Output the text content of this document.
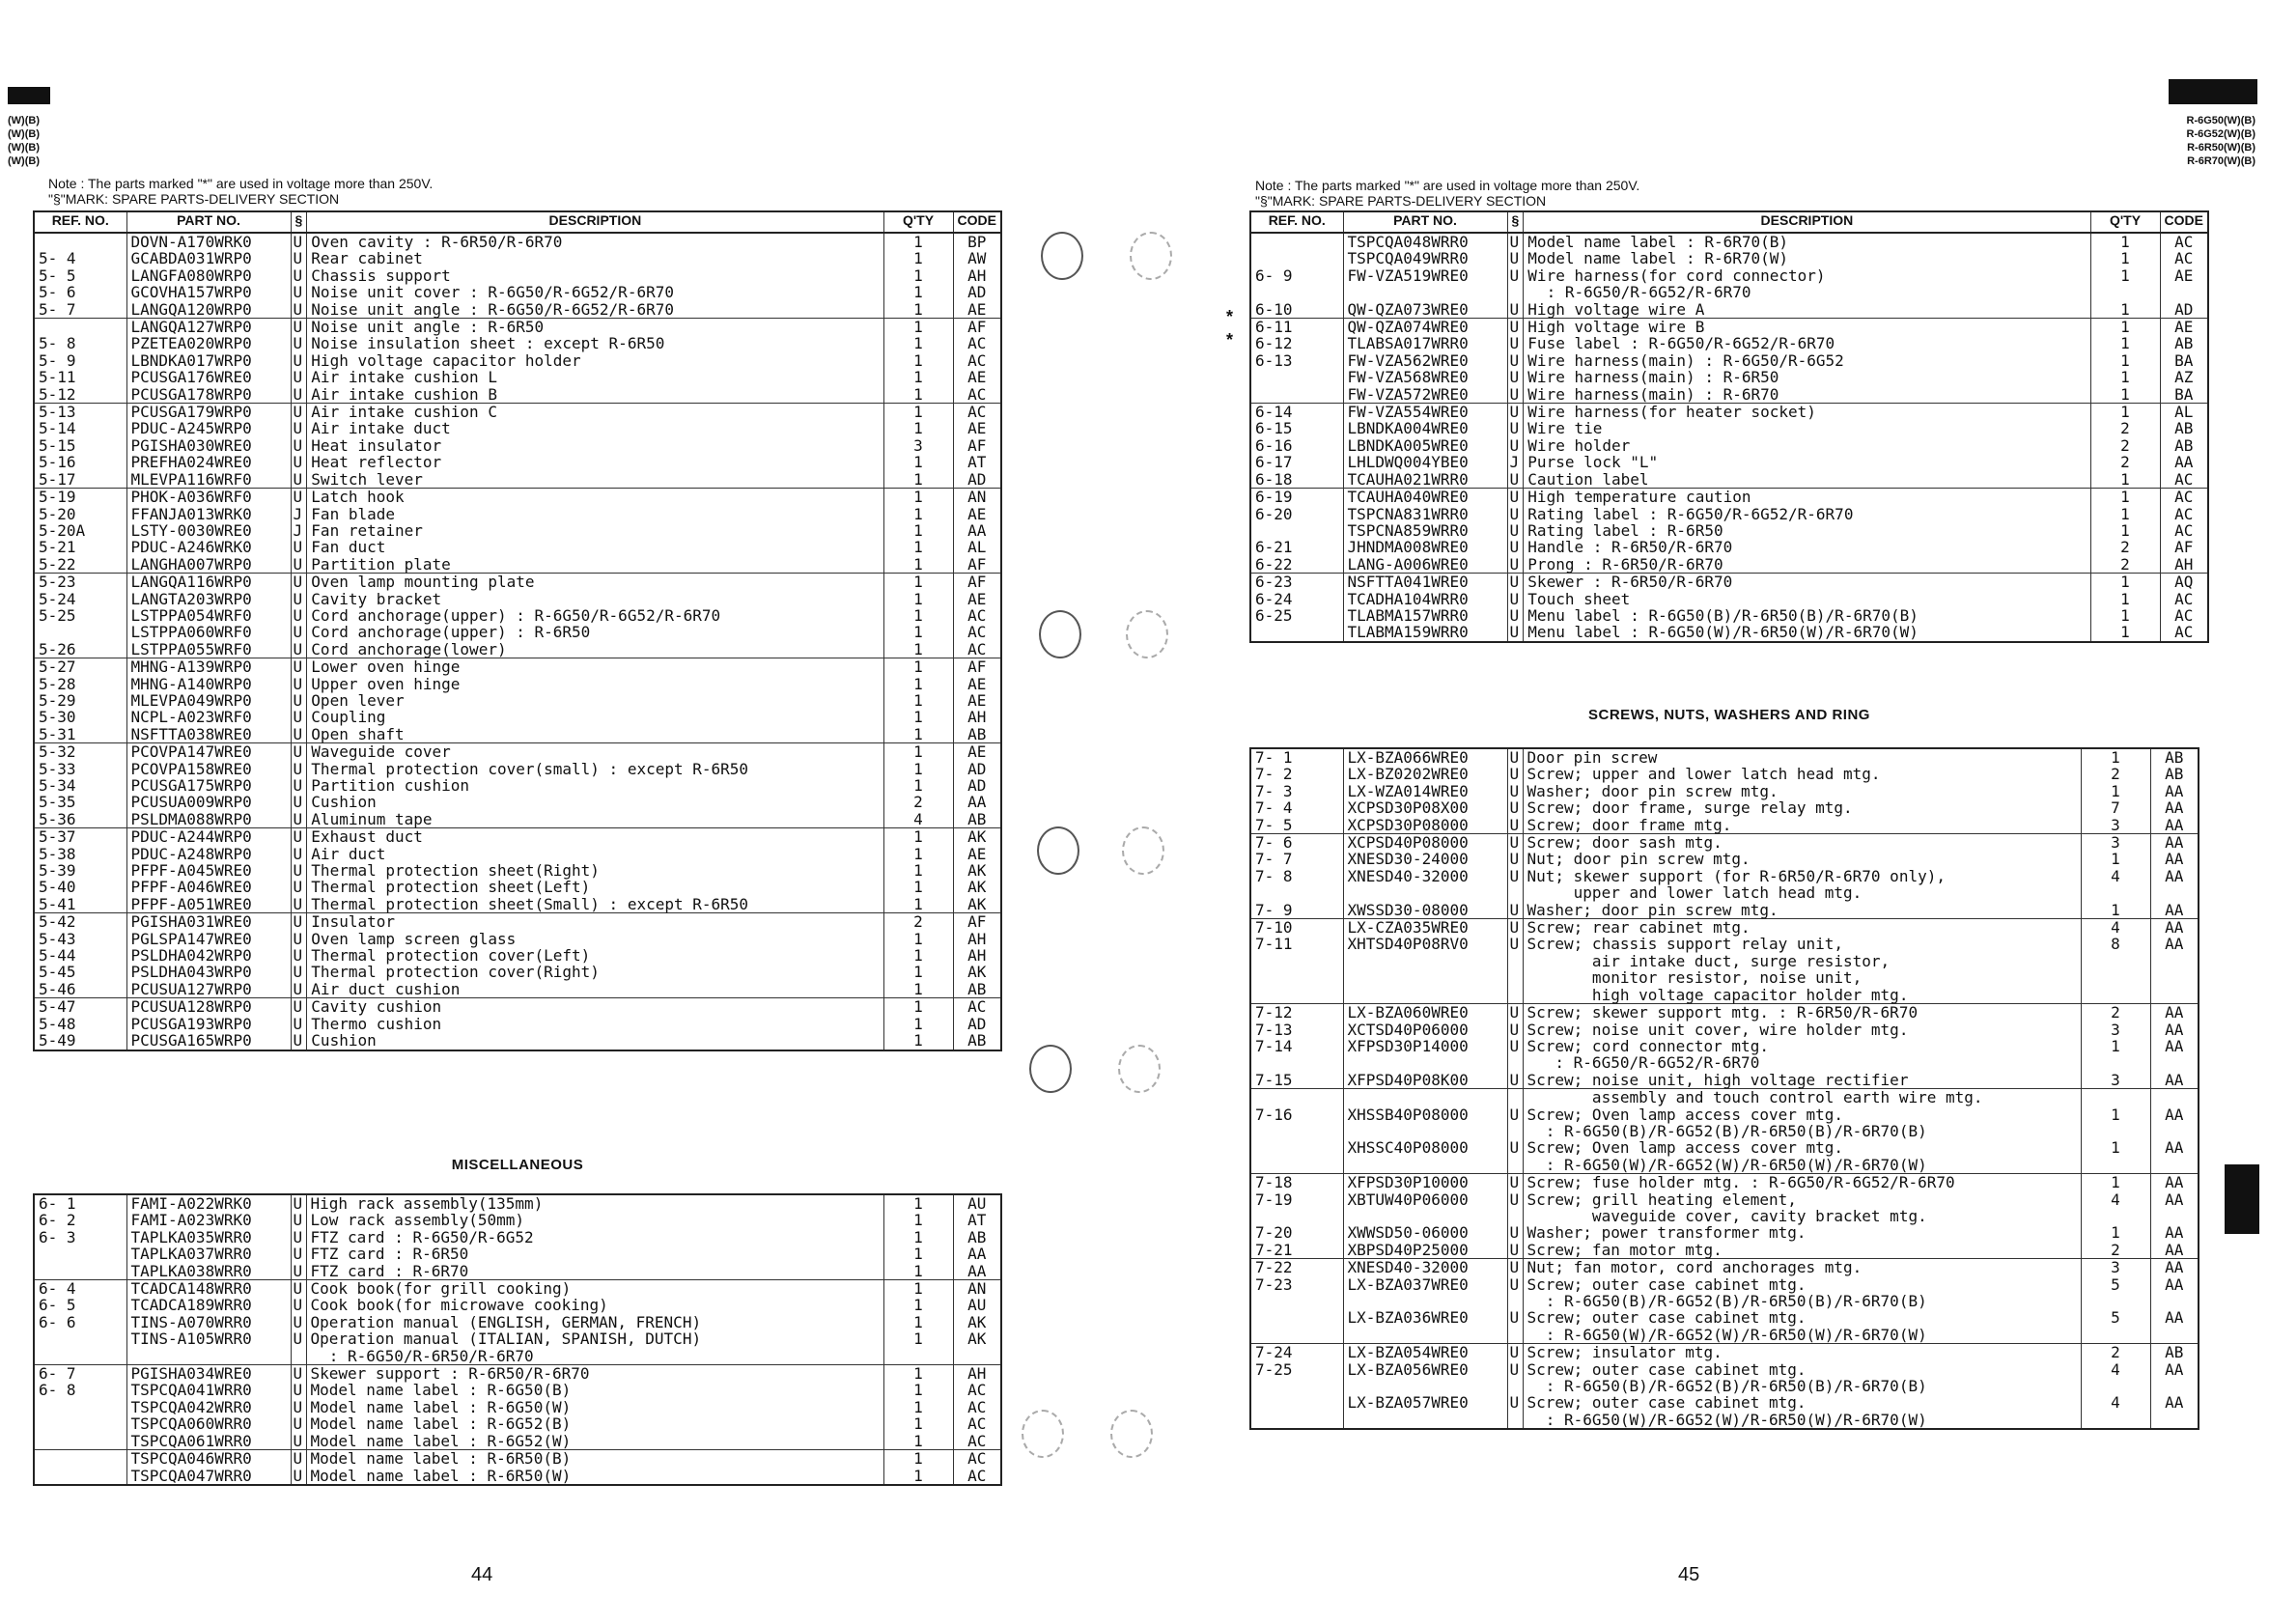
(W)(B)
(W)(B)
(W)(B)
(W)(B)
Note : The parts marked "*" are used in voltage more than 250V.
"§"MARK: SPARE PARTS-DELIVERY SECTION
REF. NO.	PART NO.	§	DESCRIPTION	Q'TY	CODE
	DOVN-A170WRK0	U	Oven cavity : R-6R50/R-6R70	1	BP
5- 4	GCABDA031WRP0	U	Rear cabinet	1	AW
5- 5	LANGFA080WRP0	U	Chassis support	1	AH
5- 6	GCOVHA157WRP0	U	Noise unit cover : R-6G50/R-6G52/R-6R70	1	AD
5- 7	LANGQA120WRP0	U	Noise unit angle : R-6G50/R-6G52/R-6R70	1	AE
	LANGQA127WRP0	U	Noise unit angle : R-6R50	1	AF
5- 8	PZETEA020WRP0	U	Noise insulation sheet : except R-6R50	1	AC
5- 9	LBNDKA017WRP0	U	High voltage capacitor holder	1	AC
5-11	PCUSGA176WRE0	U	Air intake cushion L	1	AE
5-12	PCUSGA178WRP0	U	Air intake cushion B	1	AC
5-13	PCUSGA179WRP0	U	Air intake cushion C	1	AC
5-14	PDUC-A245WRP0	U	Air intake duct	1	AE
5-15	PGISHA030WRE0	U	Heat insulator	3	AF
5-16	PREFHA024WRE0	U	Heat reflector	1	AT
5-17	MLEVPA116WRF0	U	Switch lever	1	AD
5-19	PHOK-A036WRF0	U	Latch hook	1	AN
5-20	FFANJA013WRK0	J	Fan blade	1	AE
5-20A	LSTY-0030WRE0	J	Fan retainer	1	AA
5-21	PDUC-A246WRK0	U	Fan duct	1	AL
5-22	LANGHA007WRP0	U	Partition plate	1	AF
5-23	LANGQA116WRP0	U	Oven lamp mounting plate	1	AF
5-24	LANGTA203WRP0	U	Cavity bracket	1	AE
5-25	LSTPPA054WRF0	U	Cord anchorage(upper) : R-6G50/R-6G52/R-6R70	1	AC
	LSTPPA060WRF0	U	Cord anchorage(upper) : R-6R50	1	AC
5-26	LSTPPA055WRF0	U	Cord anchorage(lower)	1	AC
5-27	MHNG-A139WRP0	U	Lower oven hinge	1	AF
5-28	MHNG-A140WRP0	U	Upper oven hinge	1	AE
5-29	MLEVPA049WRP0	U	Open lever	1	AE
5-30	NCPL-A023WRF0	U	Coupling	1	AH
5-31	NSFTTA038WRE0	U	Open shaft	1	AB
5-32	PCOVPA147WRE0	U	Waveguide cover	1	AE
5-33	PCOVPA158WRE0	U	Thermal protection cover(small) : except R-6R50	1	AD
5-34	PCUSGA175WRP0	U	Partition cushion	1	AD
5-35	PCUSUA009WRP0	U	Cushion	2	AA
5-36	PSLDMA088WRP0	U	Aluminum tape	4	AB
5-37	PDUC-A244WRP0	U	Exhaust duct	1	AK
5-38	PDUC-A248WRP0	U	Air duct	1	AE
5-39	PFPF-A045WRE0	U	Thermal protection sheet(Right)	1	AK
5-40	PFPF-A046WRE0	U	Thermal protection sheet(Left)	1	AK
5-41	PFPF-A051WRE0	U	Thermal protection sheet(Small) : except R-6R50	1	AK
5-42	PGISHA031WRE0	U	Insulator	2	AF
5-43	PGLSPA147WRE0	U	Oven lamp screen glass	1	AH
5-44	PSLDHA042WRP0	U	Thermal protection cover(Left)	1	AH
5-45	PSLDHA043WRP0	U	Thermal protection cover(Right)	1	AK
5-46	PCUSUA127WRP0	U	Air duct cushion	1	AB
5-47	PCUSUA128WRP0	U	Cavity cushion	1	AC
5-48	PCUSGA193WRP0	U	Thermo cushion	1	AD
5-49	PCUSGA165WRP0	U	Cushion	1	AB
MISCELLANEOUS
6- 1	FAMI-A022WRK0	U	High rack assembly(135mm)	1	AU
6- 2	FAMI-A023WRK0	U	Low rack assembly(50mm)	1	AT
6- 3	TAPLKA035WRR0	U	FTZ card : R-6G50/R-6G52	1	AB
	TAPLKA037WRR0	U	FTZ card : R-6R50	1	AA
	TAPLKA038WRR0	U	FTZ card : R-6R70	1	AA
6- 4	TCADCA148WRR0	U	Cook book(for grill cooking)	1	AN
6- 5	TCADCA189WRR0	U	Cook book(for microwave cooking)	1	AU
6- 6	TINS-A070WRR0	U	Operation manual (ENGLISH, GERMAN, FRENCH)	1	AK
	TINS-A105WRR0	U	Operation manual (ITALIAN, SPANISH, DUTCH)	1	AK
			: R-6G50/R-6R50/R-6R70		
6- 7	PGISHA034WRE0	U	Skewer support : R-6R50/R-6R70	1	AH
6- 8	TSPCQA041WRR0	U	Model name label : R-6G50(B)	1	AC
	TSPCQA042WRR0	U	Model name label : R-6G50(W)	1	AC
	TSPCQA060WRR0	U	Model name label : R-6G52(B)	1	AC
	TSPCQA061WRR0	U	Model name label : R-6G52(W)	1	AC
	TSPCQA046WRR0	U	Model name label : R-6R50(B)	1	AC
	TSPCQA047WRR0	U	Model name label : R-6R50(W)	1	AC
44
R-6G50(W)(B)
R-6G52(W)(B)
R-6R50(W)(B)
R-6R70(W)(B)
Note : The parts marked "*" are used in voltage more than 250V.
"§"MARK: SPARE PARTS-DELIVERY SECTION
*
*
REF. NO.	PART NO.	§	DESCRIPTION	Q'TY	CODE
	TSPCQA048WRR0	U	Model name label : R-6R70(B)	1	AC
	TSPCQA049WRR0	U	Model name label : R-6R70(W)	1	AC
6- 9	FW-VZA519WRE0	U	Wire harness(for cord connector)	1	AE
			: R-6G50/R-6G52/R-6R70		
6-10	QW-QZA073WRE0	U	High voltage wire A	1	AD
6-11	QW-QZA074WRE0	U	High voltage wire B	1	AE
6-12	TLABSA017WRR0	U	Fuse label : R-6G50/R-6G52/R-6R70	1	AB
6-13	FW-VZA562WRE0	U	Wire harness(main) : R-6G50/R-6G52	1	BA
	FW-VZA568WRE0	U	Wire harness(main) : R-6R50	1	AZ
	FW-VZA572WRE0	U	Wire harness(main) : R-6R70	1	BA
6-14	FW-VZA554WRE0	U	Wire harness(for heater socket)	1	AL
6-15	LBNDKA004WRE0	U	Wire tie	2	AB
6-16	LBNDKA005WRE0	U	Wire holder	2	AB
6-17	LHLDWQ004YBE0	J	Purse lock "L"	2	AA
6-18	TCAUHA021WRR0	U	Caution label	1	AC
6-19	TCAUHA040WRE0	U	High temperature caution	1	AC
6-20	TSPCNA831WRR0	U	Rating label : R-6G50/R-6G52/R-6R70	1	AC
	TSPCNA859WRR0	U	Rating label : R-6R50	1	AC
6-21	JHNDMA008WRE0	U	Handle : R-6R50/R-6R70	2	AF
6-22	LANG-A006WRE0	U	Prong : R-6R50/R-6R70	2	AH
6-23	NSFTTA041WRE0	U	Skewer : R-6R50/R-6R70	1	AQ
6-24	TCADHA104WRR0	U	Touch sheet	1	AC
6-25	TLABMA157WRR0	U	Menu label : R-6G50(B)/R-6R50(B)/R-6R70(B)	1	AC
	TLABMA159WRR0	U	Menu label : R-6G50(W)/R-6R50(W)/R-6R70(W)	1	AC
SCREWS, NUTS, WASHERS AND RING
7- 1	LX-BZA066WRE0	U	Door pin screw	1	AB
7- 2	LX-BZ0202WRE0	U	Screw; upper and lower latch head mtg.	2	AB
7- 3	LX-WZA014WRE0	U	Washer; door pin screw mtg.	1	AA
7- 4	XCPSD30P08X00	U	Screw; door frame, surge relay mtg.	7	AA
7- 5	XCPSD30P08000	U	Screw; door frame mtg.	3	AA
7- 6	XCPSD40P08000	U	Screw; door sash mtg.	3	AA
7- 7	XNESD30-24000	U	Nut; door pin screw mtg.	1	AA
7- 8	XNESD40-32000	U	Nut; skewer support (for R-6R50/R-6R70 only),	4	AA
			upper and lower latch head mtg.		
7- 9	XWSSD30-08000	U	Washer; door pin screw mtg.	1	AA
7-10	LX-CZA035WRE0	U	Screw; rear cabinet mtg.	4	AA
7-11	XHTSD40P08RV0	U	Screw; chassis support relay unit,	8	AA
			air intake duct, surge resistor,		
			monitor resistor, noise unit,		
			high voltage capacitor holder mtg.		
7-12	LX-BZA060WRE0	U	Screw; skewer support mtg. : R-6R50/R-6R70	2	AA
7-13	XCTSD40P06000	U	Screw; noise unit cover, wire holder mtg.	3	AA
7-14	XFPSD30P14000	U	Screw; cord connector mtg.	1	AA
			: R-6G50/R-6G52/R-6R70		
7-15	XFPSD40P08K00	U	Screw; noise unit, high voltage rectifier	3	AA
			assembly and touch control earth wire mtg.		
7-16	XHSSB40P08000	U	Screw; Oven lamp access cover mtg.	1	AA
			: R-6G50(B)/R-6G52(B)/R-6R50(B)/R-6R70(B)		
	XHSSC40P08000	U	Screw; Oven lamp access cover mtg.	1	AA
			: R-6G50(W)/R-6G52(W)/R-6R50(W)/R-6R70(W)		
7-18	XFPSD30P10000	U	Screw; fuse holder mtg. : R-6G50/R-6G52/R-6R70	1	AA
7-19	XBTUW40P06000	U	Screw; grill heating element,	4	AA
			waveguide cover, cavity bracket mtg.		
7-20	XWWSD50-06000	U	Washer; power transformer mtg.	1	AA
7-21	XBPSD40P25000	U	Screw; fan motor mtg.	2	AA
7-22	XNESD40-32000	U	Nut; fan motor, cord anchorages mtg.	3	AA
7-23	LX-BZA037WRE0	U	Screw; outer case cabinet mtg.	5	AA
			: R-6G50(B)/R-6G52(B)/R-6R50(B)/R-6R70(B)		
	LX-BZA036WRE0	U	Screw; outer case cabinet mtg.	5	AA
			: R-6G50(W)/R-6G52(W)/R-6R50(W)/R-6R70(W)		
7-24	LX-BZA054WRE0	U	Screw; insulator mtg.	2	AB
7-25	LX-BZA056WRE0	U	Screw; outer case cabinet mtg.	4	AA
			: R-6G50(B)/R-6G52(B)/R-6R50(B)/R-6R70(B)		
	LX-BZA057WRE0	U	Screw; outer case cabinet mtg.	4	AA
			: R-6G50(W)/R-6G52(W)/R-6R50(W)/R-6R70(W)		
45
